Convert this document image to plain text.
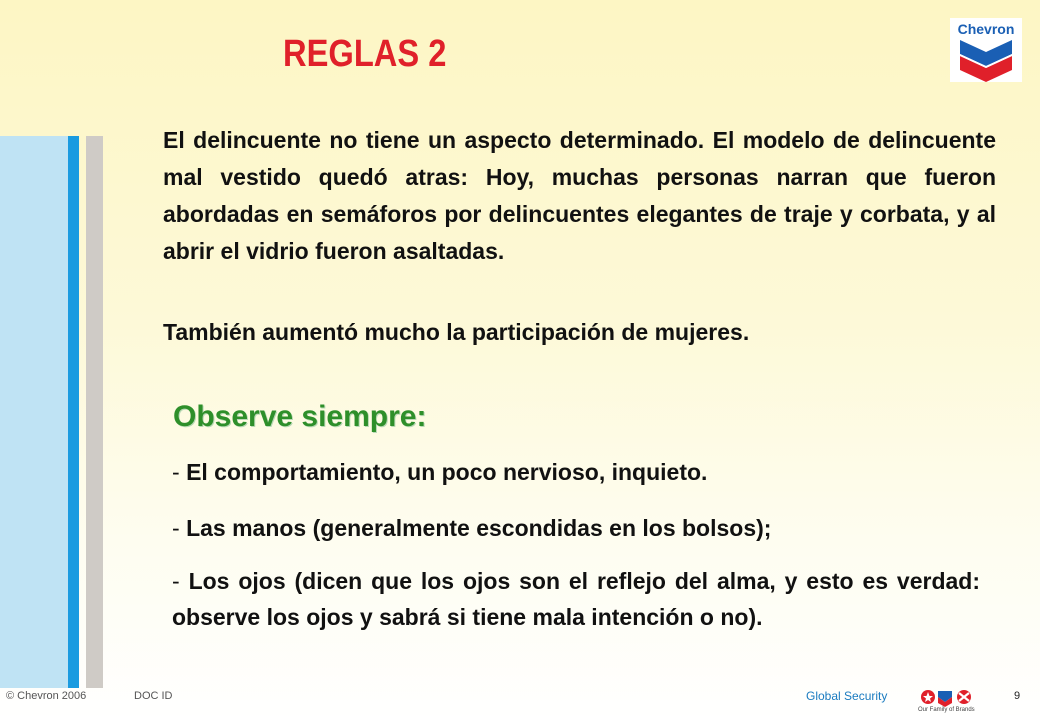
REGLAS 2
Chevron

El delincuente no tiene un aspecto determinado. El modelo de delincuente mal vestido quedó atras: Hoy, muchas personas narran que fueron abordadas en semáforos por delincuentes elegantes de traje y corbata, y al abrir el vidrio fueron asaltadas.

También aumentó mucho la participación de mujeres.

Observe siempre:

- El comportamiento, un poco nervioso, inquieto.

- Las manos (generalmente escondidas en los bolsos);

- Los ojos (dicen que los ojos son el reflejo del alma, y esto es verdad: observe los ojos y sabrá si tiene mala intención o no).

© Chevron 2006	DOC ID	Global Security
Our Family of Brands
9
